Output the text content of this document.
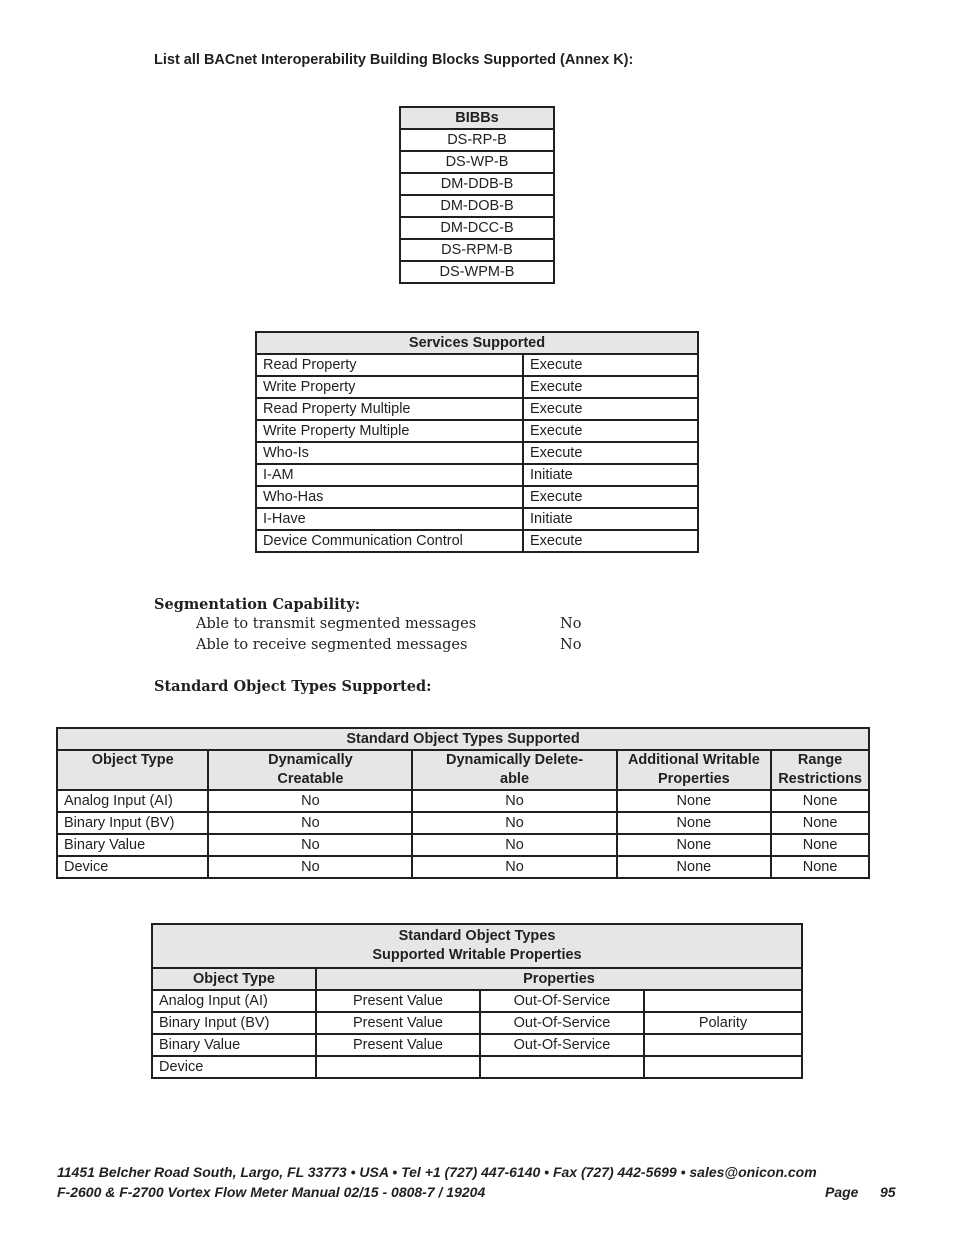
List all BACnet Interoperability Building Blocks Supported (Annex K):
BIBBs
DS-RP-B
DS-WP-B
DM-DDB-B
DM-DOB-B
DM-DCC-B
DS-RPM-B
DS-WPM-B
Services Supported	
Read Property	Execute
Write Property	Execute
Read Property Multiple	Execute
Write Property Multiple	Execute
Who-Is	Execute
I-AM	Initiate
Who-Has	Execute
I-Have	Initiate
Device Communication Control	Execute
Segmentation Capability:
Able to transmit segmented messages	No
Able to receive segmented messages	No
Standard Object Types Supported:
Standard Object Types Supported				
Object Type	Dynamically Creatable	Dynamically Delete-able	Additional Writable Properties	Range Restrictions
Analog Input (AI)	No	No	None	None
Binary Input (BV)	No	No	None	None
Binary Value	No	No	None	None
Device	No	No	None	None
Standard Object Types
Supported Writable Properties			

Object Type	Properties		
Analog Input (AI)	Present Value	Out-Of-Service	
Binary Input (BV)	Present Value	Out-Of-Service	Polarity
Binary Value	Present Value	Out-Of-Service	
Device			
11451 Belcher Road South, Largo, FL 33773 • USA • Tel +1 (727) 447-6140 • Fax (727) 442-5699 • sales@onicon.com
F-2600 & F-2700 Vortex Flow Meter Manual 02/15 - 0808-7 / 19204	Page 95
